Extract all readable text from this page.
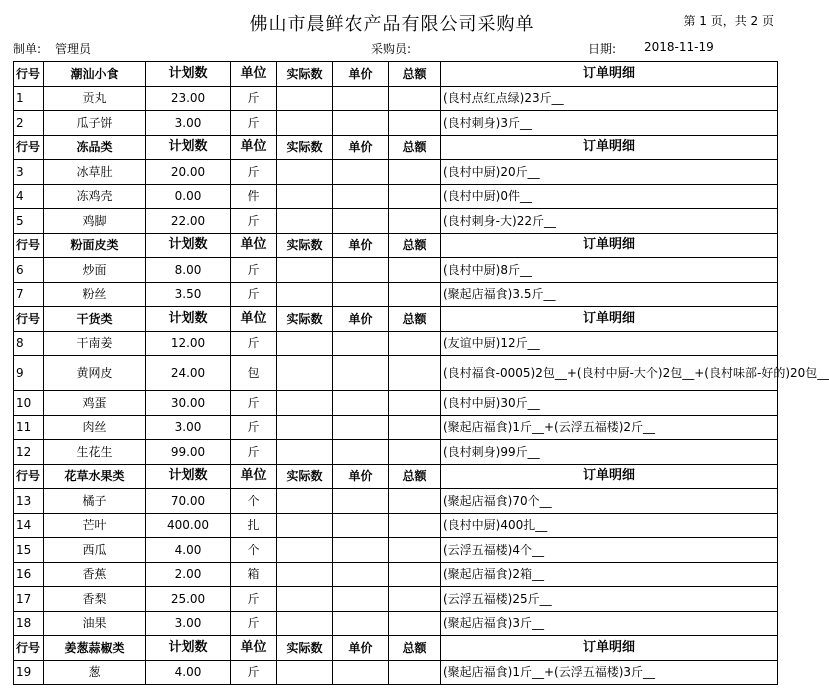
佛山市晨鲜农产品有限公司采购单	第 1 页，共 2 页
制单: 管理员	采购员:	日期: 2018-11-19
行号	潮汕小食	计划数	单位	实际数	单价	总额	订单明细
1	贡丸	23.00	斤				(良村点红点绿)23斤__
2	瓜子饼	3.00	斤				(良村刺身)3斤__
行号	冻品类	计划数	单位	实际数	单价	总额	订单明细
3	冰草肚	20.00	斤				(良村中厨)20斤__
4	冻鸡壳	0.00	件				(良村中厨)0件__
5	鸡脚	22.00	斤				(良村刺身-大)22斤__
行号	粉面皮类	计划数	单位	实际数	单价	总额	订单明细
6	炒面	8.00	斤				(良村中厨)8斤__
7	粉丝	3.50	斤				(聚起店福食)3.5斤__
行号	干货类	计划数	单位	实际数	单价	总额	订单明细
8	干南姜	12.00	斤				(友谊中厨)12斤__
9	黄网皮	24.00	包				(良村福食-0005)2包__+(良村中厨-大个)2包__+(良村味部-好的)20包__
10	鸡蛋	30.00	斤				(良村中厨)30斤__
11	肉丝	3.00	斤				(聚起店福食)1斤__+(云浮五福楼)2斤__
12	生花生	99.00	斤				(良村刺身)99斤__
行号	花草水果类	计划数	单位	实际数	单价	总额	订单明细
13	橘子	70.00	个				(聚起店福食)70个__
14	芒叶	400.00	扎				(良村中厨)400扎__
15	西瓜	4.00	个				(云浮五福楼)4个__
16	香蕉	2.00	箱				(聚起店福食)2箱__
17	香梨	25.00	斤				(云浮五福楼)25斤__
18	油果	3.00	斤				(聚起店福食)3斤__
行号	姜葱蒜椒类	计划数	单位	实际数	单价	总额	订单明细
19	葱	4.00	斤				(聚起店福食)1斤__+(云浮五福楼)3斤__
